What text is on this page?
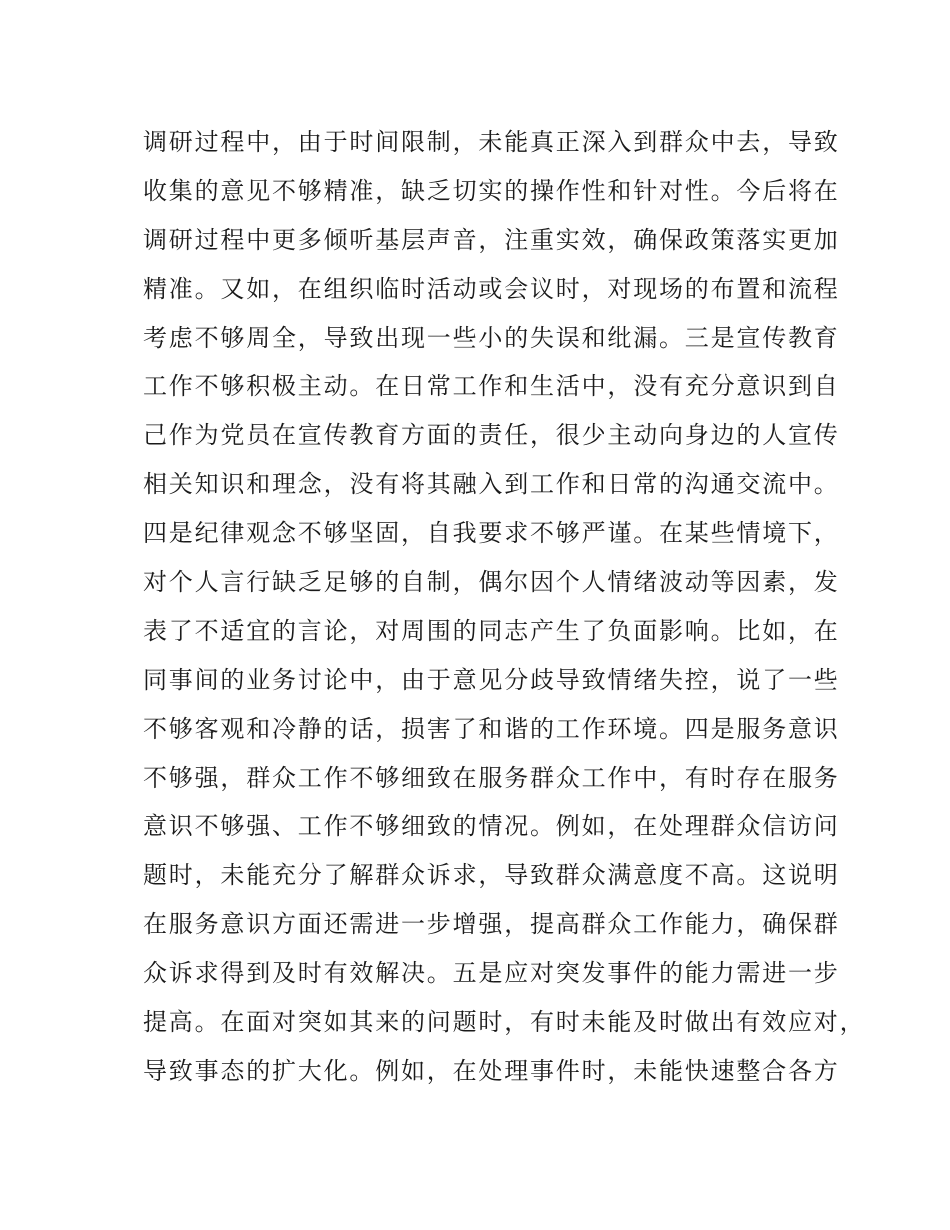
调研过程中，由于时间限制，未能真正深入到群众中去，导致
收集的意见不够精准，缺乏切实的操作性和针对性。今后将在
调研过程中更多倾听基层声音，注重实效，确保政策落实更加
精准。又如，在组织临时活动或会议时，对现场的布置和流程
考虑不够周全，导致出现一些小的失误和纰漏。三是宣传教育
工作不够积极主动。在日常工作和生活中，没有充分意识到自
己作为党员在宣传教育方面的责任，很少主动向身边的人宣传
相关知识和理念，没有将其融入到工作和日常的沟通交流中。
四是纪律观念不够坚固，自我要求不够严谨。在某些情境下，
对个人言行缺乏足够的自制，偶尔因个人情绪波动等因素，发
表了不适宜的言论，对周围的同志产生了负面影响。比如，在
同事间的业务讨论中，由于意见分歧导致情绪失控，说了一些
不够客观和冷静的话，损害了和谐的工作环境。四是服务意识
不够强，群众工作不够细致在服务群众工作中，有时存在服务
意识不够强、工作不够细致的情况。例如，在处理群众信访问
题时，未能充分了解群众诉求，导致群众满意度不高。这说明
在服务意识方面还需进一步增强，提高群众工作能力，确保群
众诉求得到及时有效解决。五是应对突发事件的能力需进一步
提高。在面对突如其来的问题时，有时未能及时做出有效应对，
导致事态的扩大化。例如，在处理事件时，未能快速整合各方
